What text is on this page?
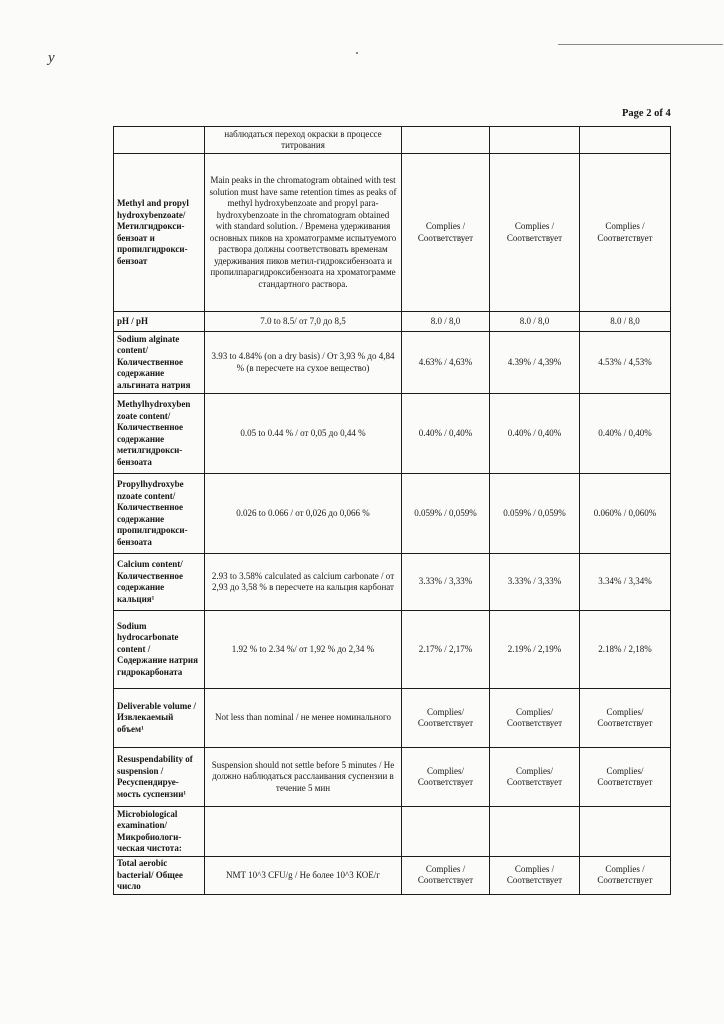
у
Page 2 of 4
	наблюдаться переход окраски в процессе титрования			
Methyl and propyl hydroxybenzoate/ Метилгидрокси-бензоат и пропилгидрокси-бензоат	Main peaks in the chromatogram obtained with test solution must have same retention times as peaks of methyl hydroxybenzoate and propyl para-hydroxybenzoate in the chromatogram obtained with standard solution. / Времена удерживания основных пиков на хроматограмме испытуемого раствора должны соответствовать временам удерживания пиков метил-гидроксибензоата и пропилпарагидроксибензоата на хроматограмме стандартного раствора.	Complies / Соответствует	Complies / Соответствует	Complies / Соответствует
pH / pH	7.0 to 8.5/ от 7,0 до 8,5	8.0 / 8,0	8.0 / 8,0	8.0 / 8,0
Sodium alginate content/ Количественное содержание альгината натрия	3.93 to 4.84% (on a dry basis) / От 3,93 % до 4,84 % (в пересчете на сухое вещество)	4.63% / 4,63%	4.39% / 4,39%	4.53% / 4,53%
Methylhydroxyben zoate content/ Количественное содержание метилгидрокси-бензоата	0.05 to 0.44 % / от 0,05 до 0,44 %	0.40% / 0,40%	0.40% / 0,40%	0.40% / 0,40%
Propylhydroxybe nzoate content/ Количественное содержание пропилгидрокси-бензоата	0.026 to 0.066 / от 0,026 до 0,066 %	0.059% / 0,059%	0.059% / 0,059%	0.060% / 0,060%
Calcium content/ Количественное содержание кальция¹	2.93 to 3.58% calculated as calcium carbonate / от 2,93 до 3,58 % в пересчете на кальция карбонат	3.33% / 3,33%	3.33% / 3,33%	3.34% / 3,34%
Sodium hydrocarbonate content / Содержание натрия гидрокарбоната	1.92 % to 2.34 %/ от 1,92 % до 2,34 %	2.17% / 2,17%	2.19% / 2,19%	2.18% / 2,18%
Deliverable volume / Извлекаемый объем¹	Not less than nominal / не менее номинального	Complies/ Соответствует	Complies/ Соответствует	Complies/ Соответствует
Resuspendability of suspension / Ресуспендируе-мость суспензии¹	Suspension should not settle before 5 minutes / Не должно наблюдаться расслаивания суспензии в течение 5 мин	Complies/ Соответствует	Complies/ Соответствует	Complies/ Соответствует
Microbiological examination/ Микробиологи-ческая чистота:				
Total aerobic bacterial/ Общее число	NMT 10^3 CFU/g / Не более 10^3 КОЕ/г	Complies / Соответствует	Complies / Соответствует	Complies / Соответствует
